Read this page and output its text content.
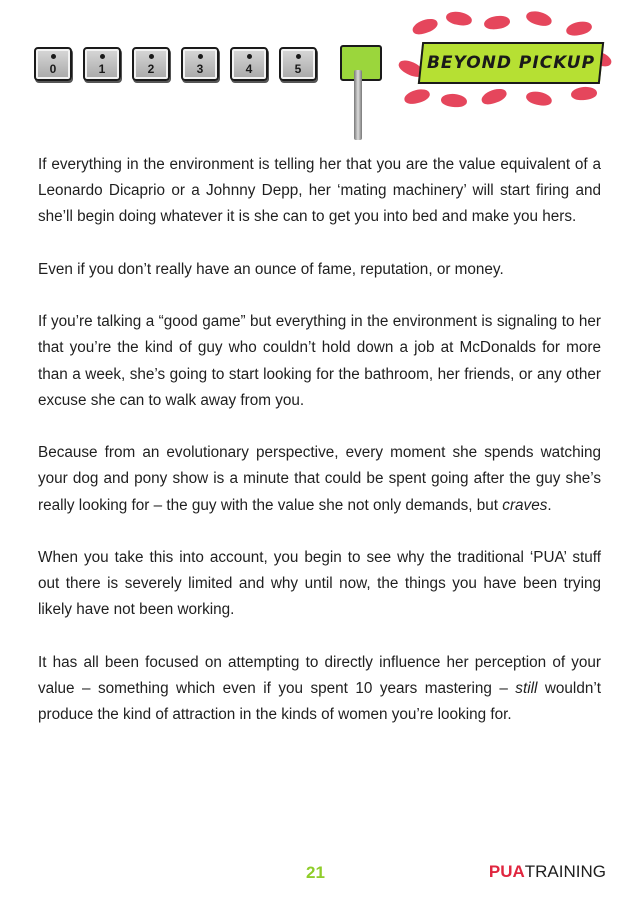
0	1	2	3	4	5	BEYOND PICKUP

If everything in the environment is telling her that you are the value equivalent of a Leonardo Dicaprio or a Johnny Depp, her ‘mating machinery’ will start firing and she’ll begin doing whatever it is she can to get you into bed and make you hers.

Even if you don’t really have an ounce of fame, reputation, or money.

If you’re talking a “good game” but everything in the environment is signaling to her that you’re the kind of guy who couldn’t hold down a job at McDonalds for more than a week, she’s going to start looking for the bathroom, her friends, or any other excuse she can to walk away from you.

Because from an evolutionary perspective, every moment she spends watching your dog and pony show is a minute that could be spent going after the guy she’s really looking for – the guy with the value she not only demands, but craves.

When you take this into account, you begin to see why the traditional ‘PUA’ stuff out there is severely limited and why until now, the things you have been trying likely have not been working.

It has all been focused on attempting to directly influence her perception of your value – something which even if you spent 10 years mastering – still wouldn’t produce the kind of attraction in the kinds of women you’re looking for.

21	PUATRAINING
